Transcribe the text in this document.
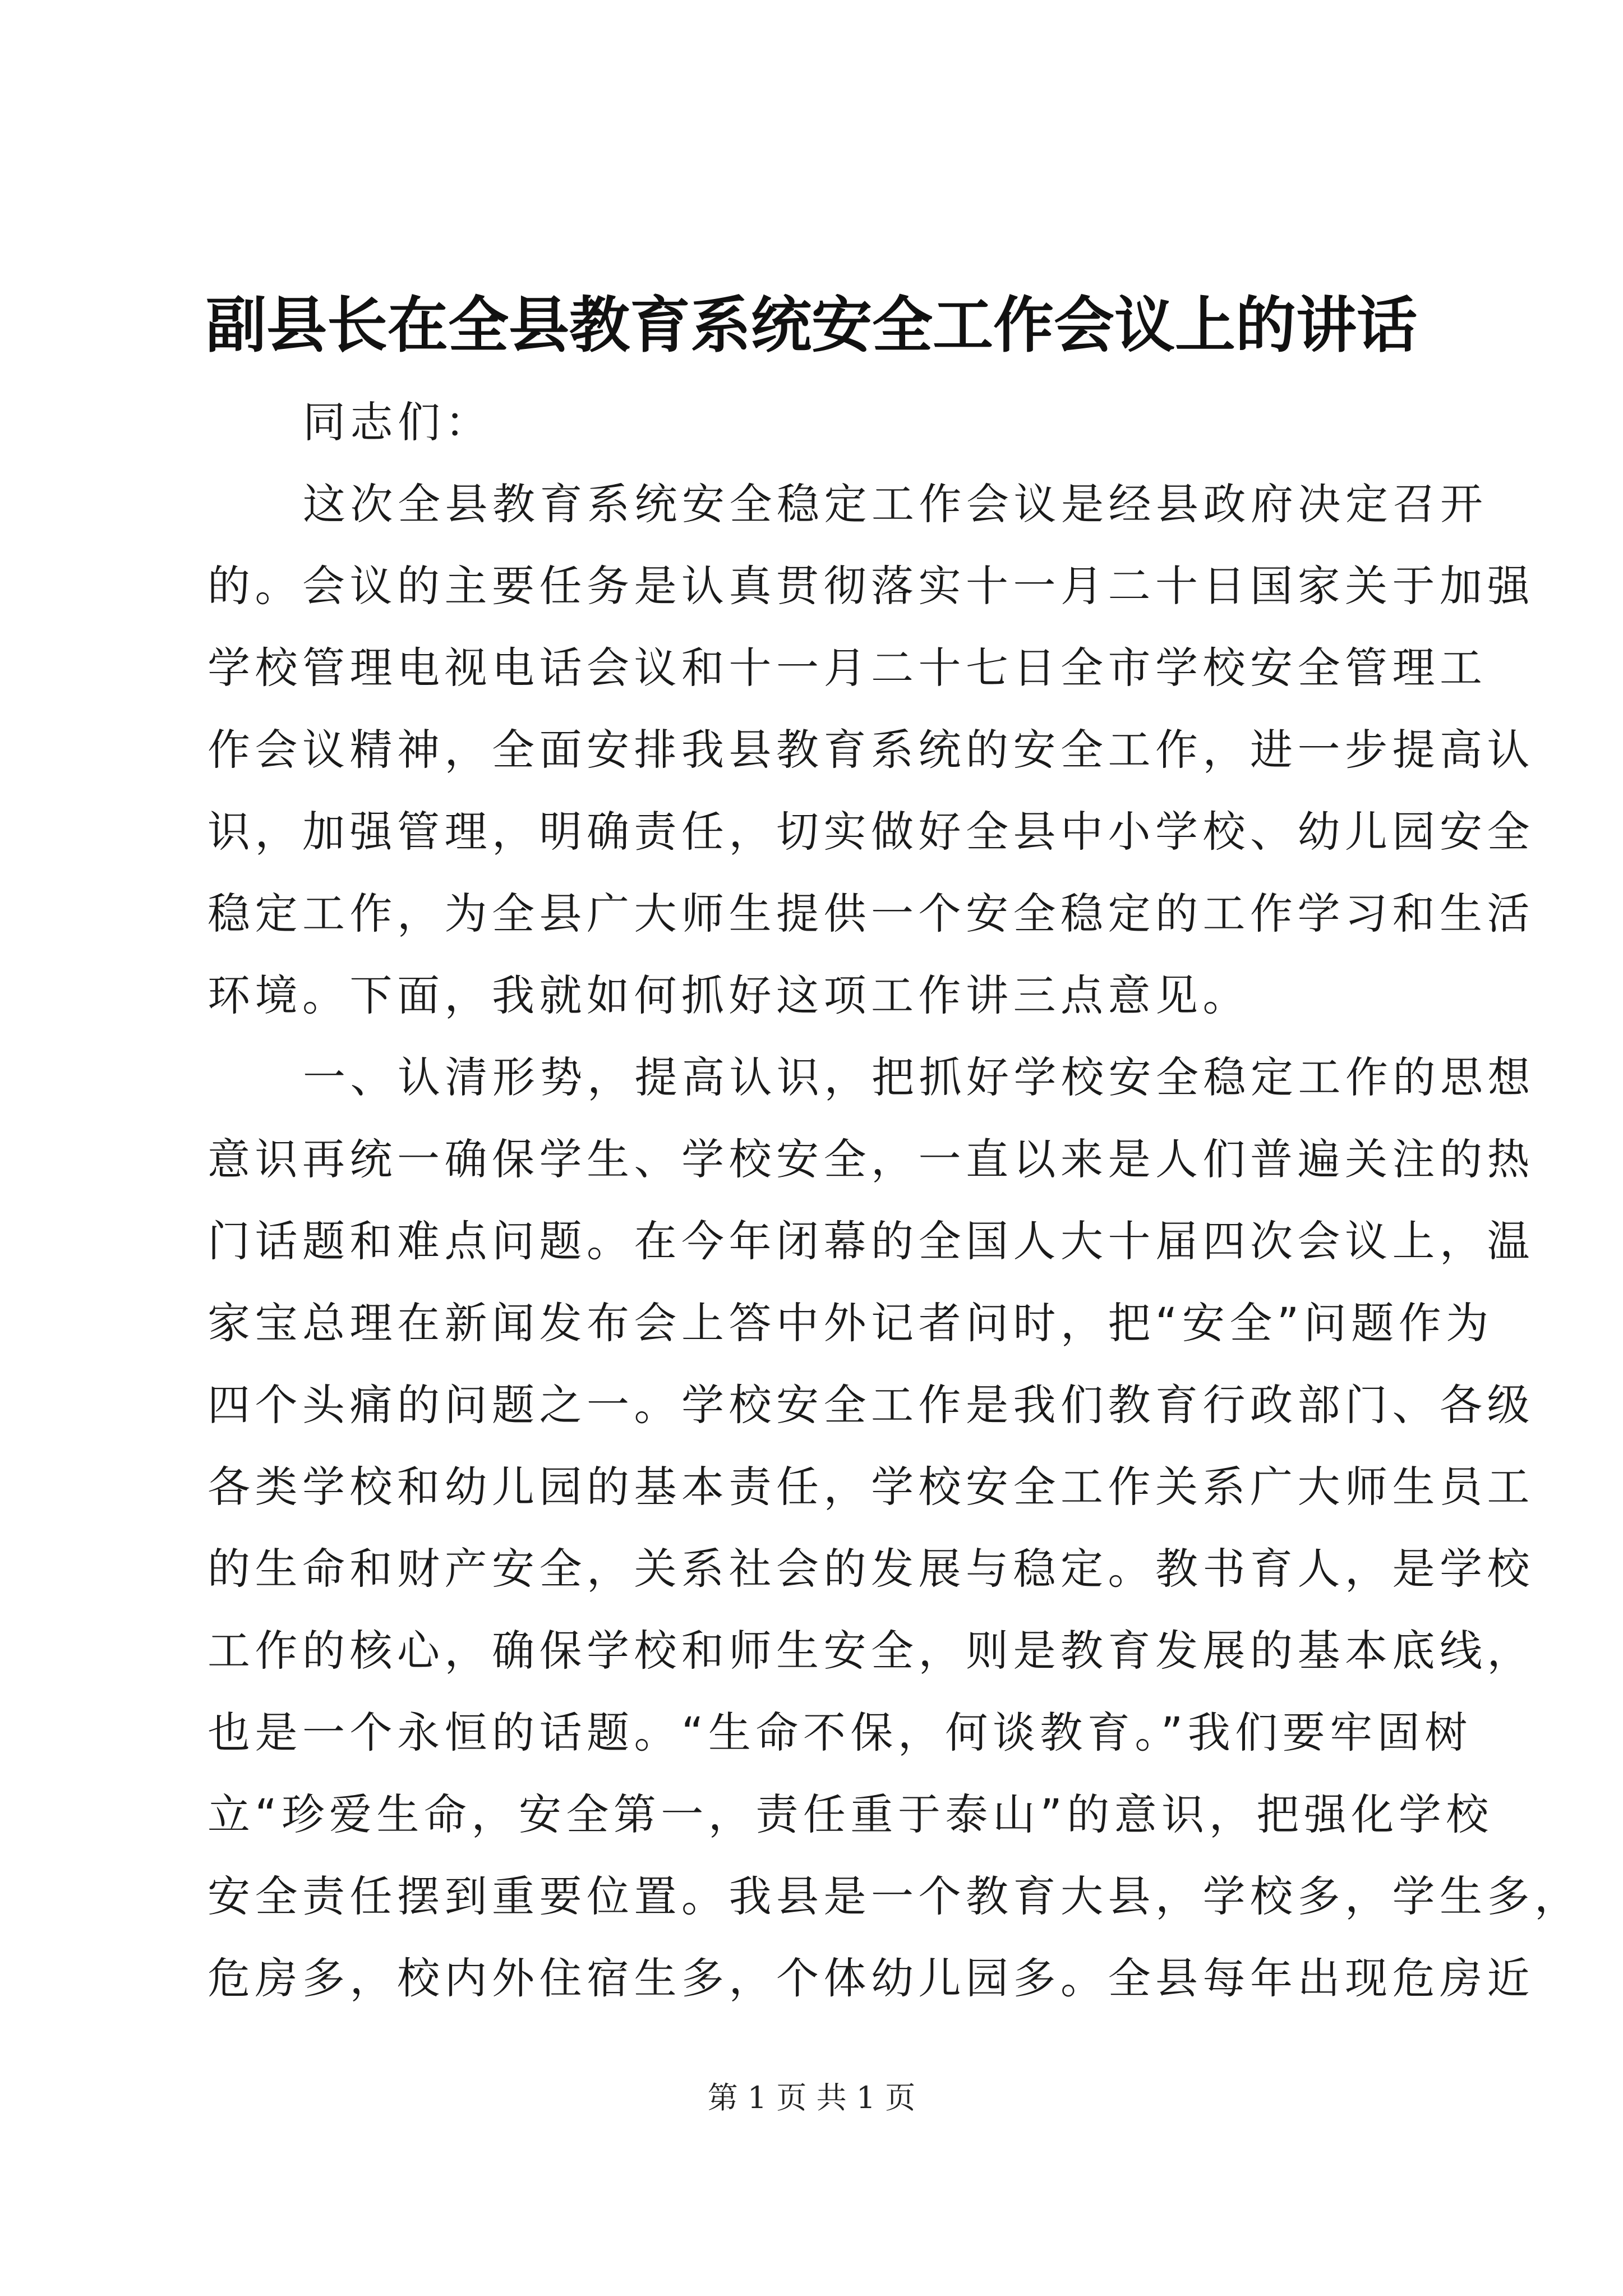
副县长在全县教育系统安全工作会议上的讲话
同志们：
这次全县教育系统安全稳定工作会议是经县政府决定召开
的。会议的主要任务是认真贯彻落实十一月二十日国家关于加强
学校管理电视电话会议和十一月二十七日全市学校安全管理工
作会议精神，全面安排我县教育系统的安全工作，进一步提高认
识，加强管理，明确责任，切实做好全县中小学校、幼儿园安全
稳定工作，为全县广大师生提供一个安全稳定的工作学习和生活
环境。下面，我就如何抓好这项工作讲三点意见。
一、认清形势，提高认识，把抓好学校安全稳定工作的思想
意识再统一确保学生、学校安全，一直以来是人们普遍关注的热
门话题和难点问题。在今年闭幕的全国人大十届四次会议上，温
家宝总理在新闻发布会上答中外记者问时，把“安全”问题作为
四个头痛的问题之一。学校安全工作是我们教育行政部门、各级
各类学校和幼儿园的基本责任，学校安全工作关系广大师生员工
的生命和财产安全，关系社会的发展与稳定。教书育人，是学校
工作的核心，确保学校和师生安全，则是教育发展的基本底线，
也是一个永恒的话题。“生命不保，何谈教育。”我们要牢固树
立“珍爱生命，安全第一，责任重于泰山”的意识，把强化学校
安全责任摆到重要位置。我县是一个教育大县，学校多，学生多，
危房多，校内外住宿生多，个体幼儿园多。全县每年出现危房近
第 1 页 共 1 页
